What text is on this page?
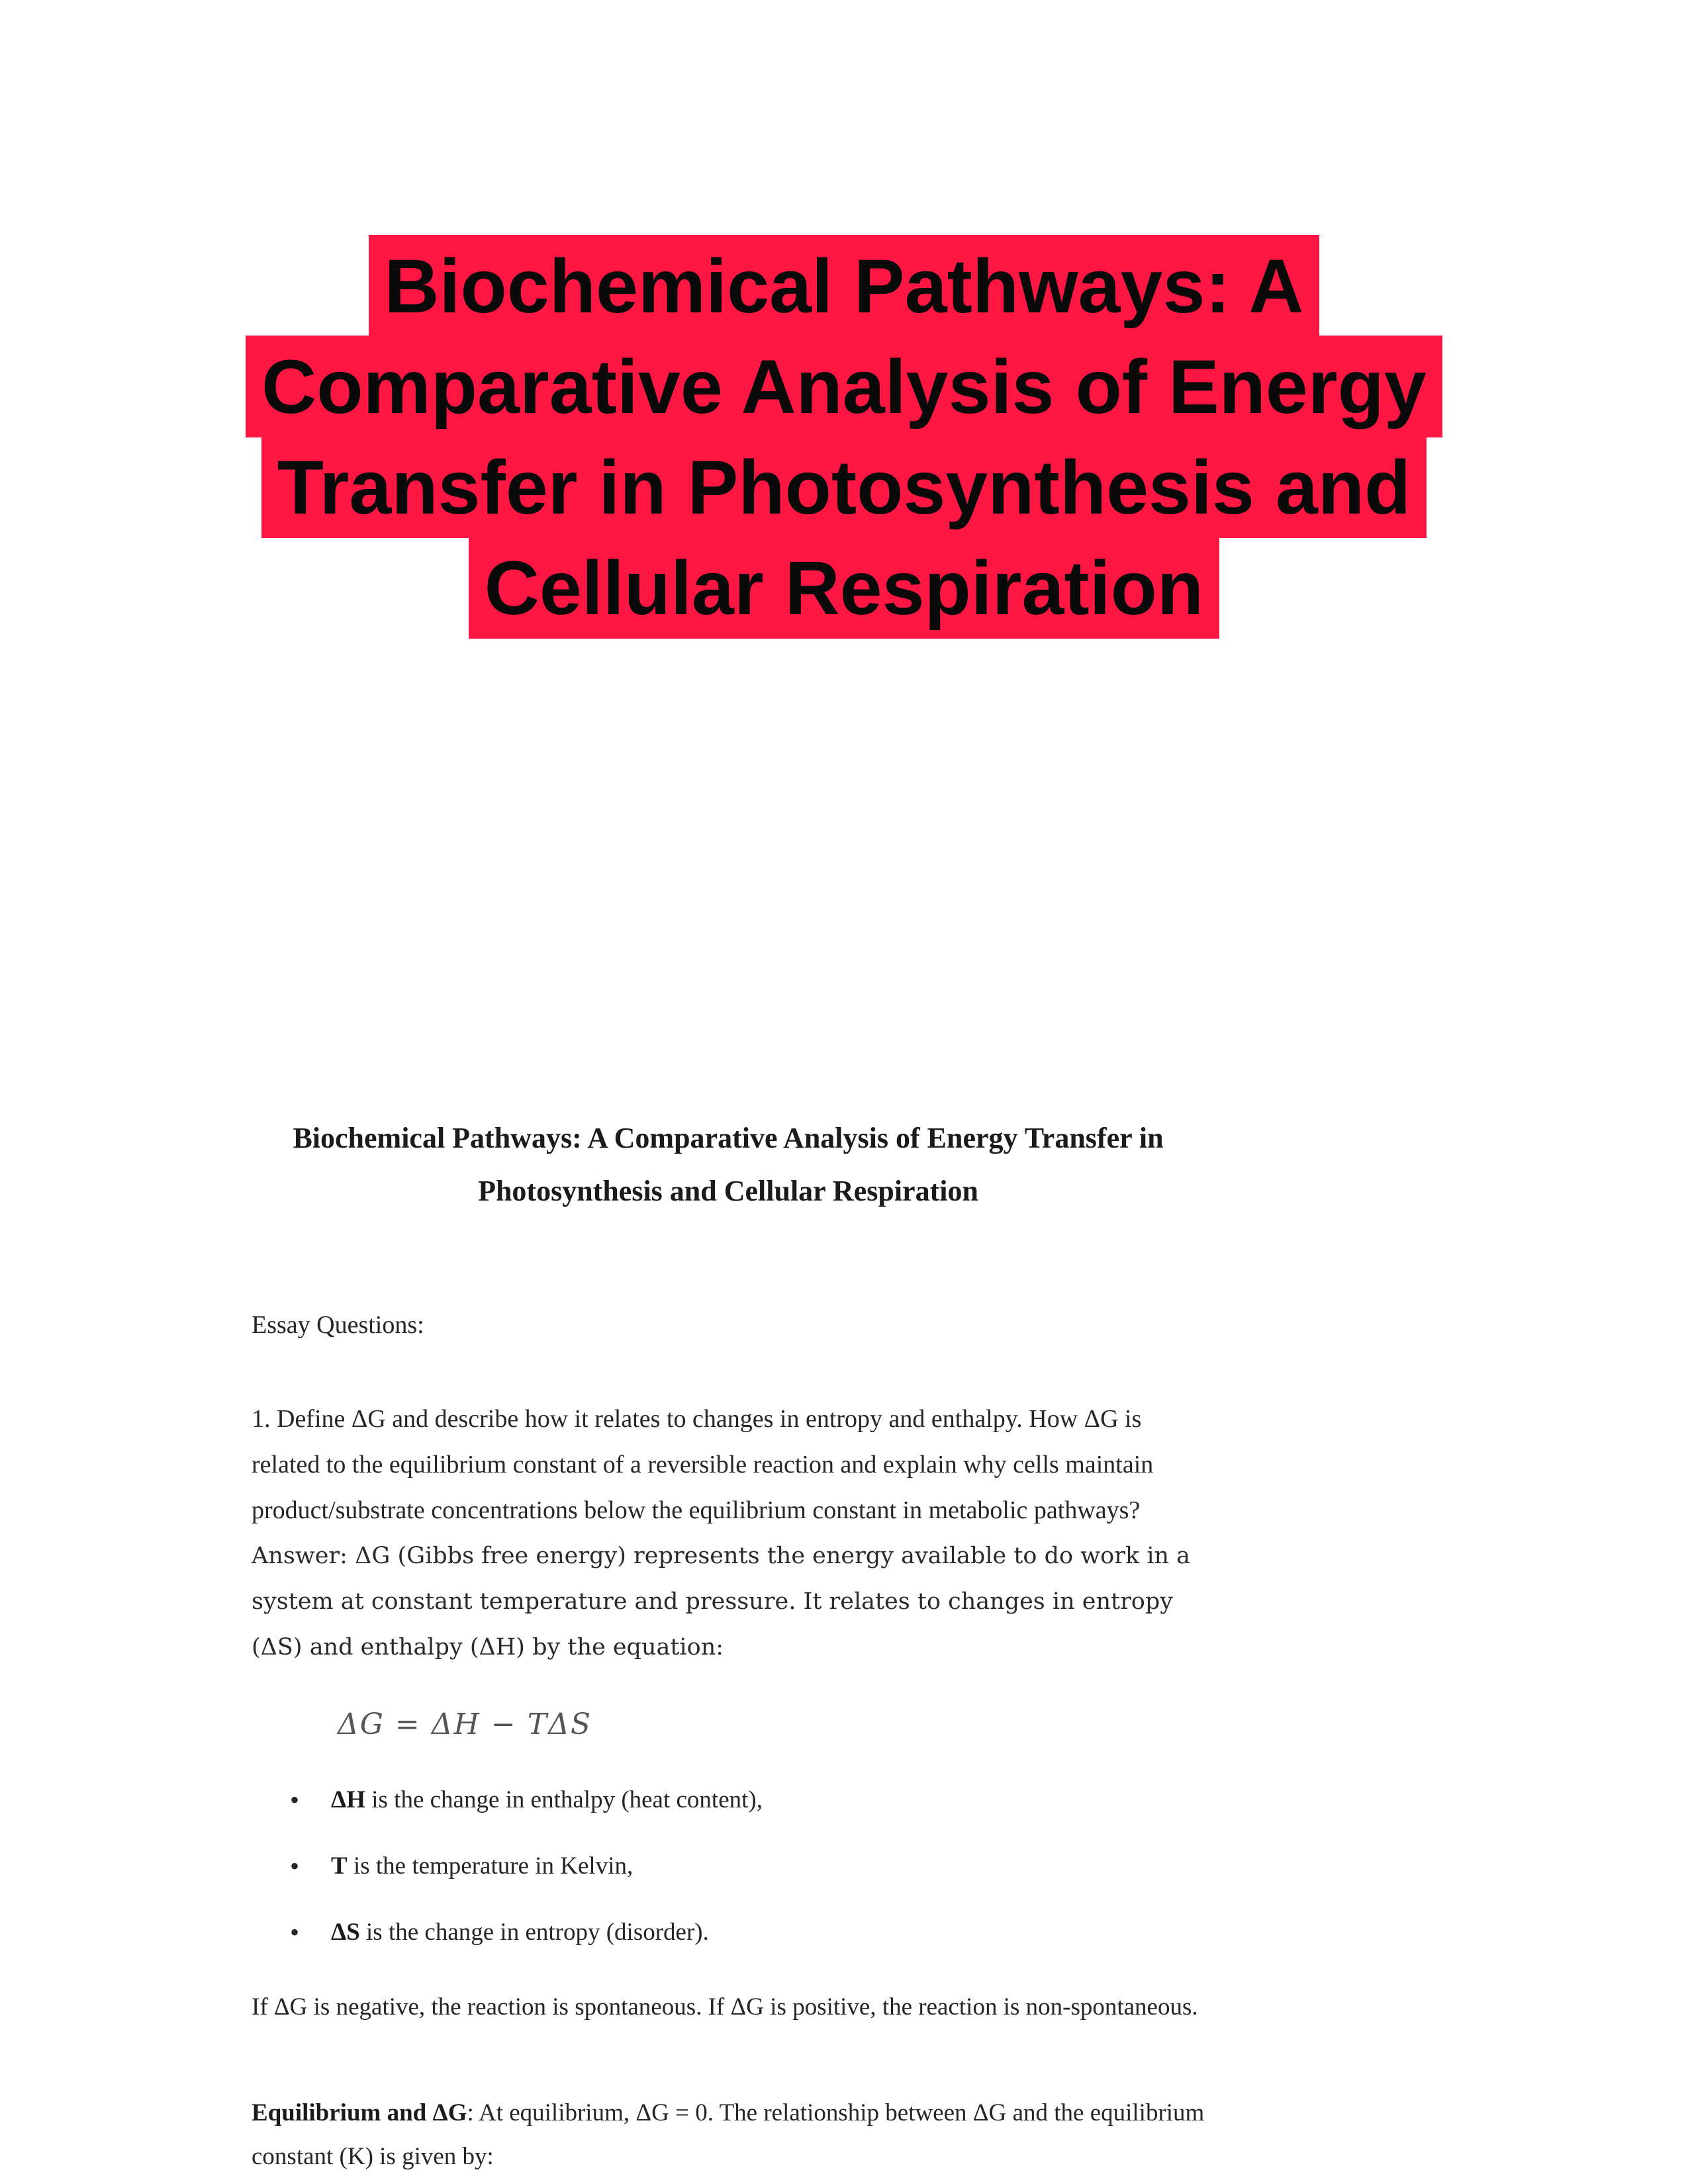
Biochemical Pathways: A
Comparative Analysis of Energy
Transfer in Photosynthesis and
Cellular Respiration

Biochemical Pathways: A Comparative Analysis of Energy Transfer in
Photosynthesis and Cellular Respiration

Essay Questions:

1. Define ΔG and describe how it relates to changes in entropy and enthalpy. How ΔG is related to the equilibrium constant of a reversible reaction and explain why cells maintain product/substrate concentrations below the equilibrium constant in metabolic pathways?

Answer: ΔG (Gibbs free energy) represents the energy available to do work in a system at constant temperature and pressure. It relates to changes in entropy (ΔS) and enthalpy (ΔH) by the equation:

ΔG = ΔH − TΔS
• ΔH is the change in enthalpy (heat content),
• T is the temperature in Kelvin,
• ΔS is the change in entropy (disorder).

If ΔG is negative, the reaction is spontaneous. If ΔG is positive, the reaction is non-spontaneous.

Equilibrium and ΔG: At equilibrium, ΔG = 0. The relationship between ΔG and the equilibrium constant (K) is given by:
